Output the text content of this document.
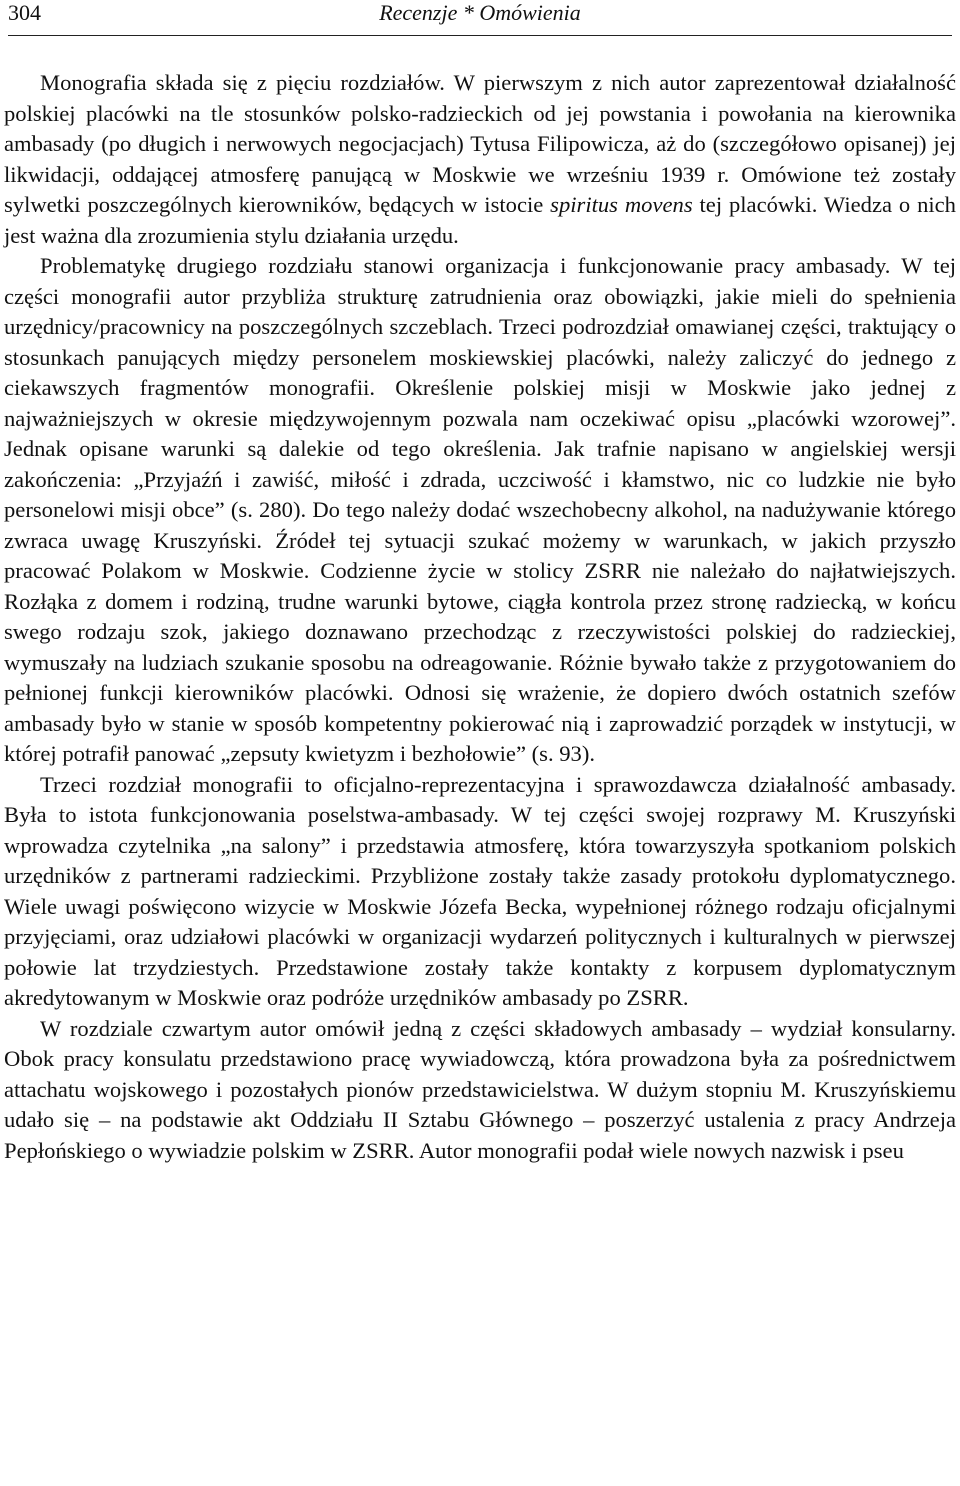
304	Recenzje * Omówienia

Monografia składa się z pięciu rozdziałów. W pierwszym z nich autor zaprezentował działalność polskiej placówki na tle stosunków polsko-radzieckich od jej powstania i powołania na kierownika ambasady (po długich i nerwowych negocjacjach) Tytusa Filipowicza, aż do (szczegółowo opisanej) jej likwidacji, oddającej atmosferę panującą w Moskwie we wrześniu 1939 r. Omówione też zostały sylwetki poszczególnych kierowników, będących w istocie spiritus movens tej placówki. Wiedza o nich jest ważna dla zrozumienia stylu działania urzędu.

Problematykę drugiego rozdziału stanowi organizacja i funkcjonowanie pracy ambasady. W tej części monografii autor przybliża strukturę zatrudnienia oraz obowiązki, jakie mieli do spełnienia urzędnicy/pracownicy na poszczególnych szczeblach. Trzeci podrozdział omawianej części, traktujący o stosunkach panujących między personelem moskiewskiej placówki, należy zaliczyć do jednego z ciekawszych fragmentów monografii. Określenie polskiej misji w Moskwie jako jednej z najważniejszych w okresie międzywojennym pozwala nam oczekiwać opisu „placówki wzorowej”. Jednak opisane warunki są dalekie od tego określenia. Jak trafnie napisano w angielskiej wersji zakończenia: „Przyjaźń i zawiść, miłość i zdrada, uczciwość i kłamstwo, nic co ludzkie nie było personelowi misji obce” (s. 280). Do tego należy dodać wszechobecny alkohol, na nadużywanie którego zwraca uwagę Kruszyński. Źródeł tej sytuacji szukać możemy w warunkach, w jakich przyszło pracować Polakom w Moskwie. Codzienne życie w stolicy ZSRR nie należało do najłatwiejszych. Rozłąka z domem i rodziną, trudne warunki bytowe, ciągła kontrola przez stronę radziecką, w końcu swego rodzaju szok, jakiego doznawano przechodząc z rzeczywistości polskiej do radzieckiej, wymuszały na ludziach szukanie sposobu na odreagowanie. Różnie bywało także z przygotowaniem do pełnionej funkcji kierowników placówki. Odnosi się wrażenie, że dopiero dwóch ostatnich szefów ambasady było w stanie w sposób kompetentny pokierować nią i zaprowadzić porządek w instytucji, w której potrafił panować „zepsuty kwietyzm i bezhołowie” (s. 93).

Trzeci rozdział monografii to oficjalno-reprezentacyjna i sprawozdawcza działalność ambasady. Była to istota funkcjonowania poselstwa-ambasady. W tej części swojej rozprawy M. Kruszyński wprowadza czytelnika „na salony” i przedstawia atmosferę, która towarzyszyła spotkaniom polskich urzędników z partnerami radzieckimi. Przybliżone zostały także zasady protokołu dyplomatycznego. Wiele uwagi poświęcono wizycie w Moskwie Józefa Becka, wypełnionej różnego rodzaju oficjalnymi przyjęciami, oraz udziałowi placówki w organizacji wydarzeń politycznych i kulturalnych w pierwszej połowie lat trzydziestych. Przedstawione zostały także kontakty z korpusem dyplomatycznym akredytowanym w Moskwie oraz podróże urzędników ambasady po ZSRR.

W rozdziale czwartym autor omówił jedną z części składowych ambasady – wydział konsularny. Obok pracy konsulatu przedstawiono pracę wywiadowczą, która prowadzona była za pośrednictwem attachatu wojskowego i pozostałych pionów przedstawicielstwa. W dużym stopniu M. Kruszyńskiemu udało się – na podstawie akt Oddziału II Sztabu Głównego – poszerzyć ustalenia z pracy Andrzeja Pepłońskiego o wywiadzie polskim w ZSRR. Autor monografii podał wiele nowych nazwisk i pseu
